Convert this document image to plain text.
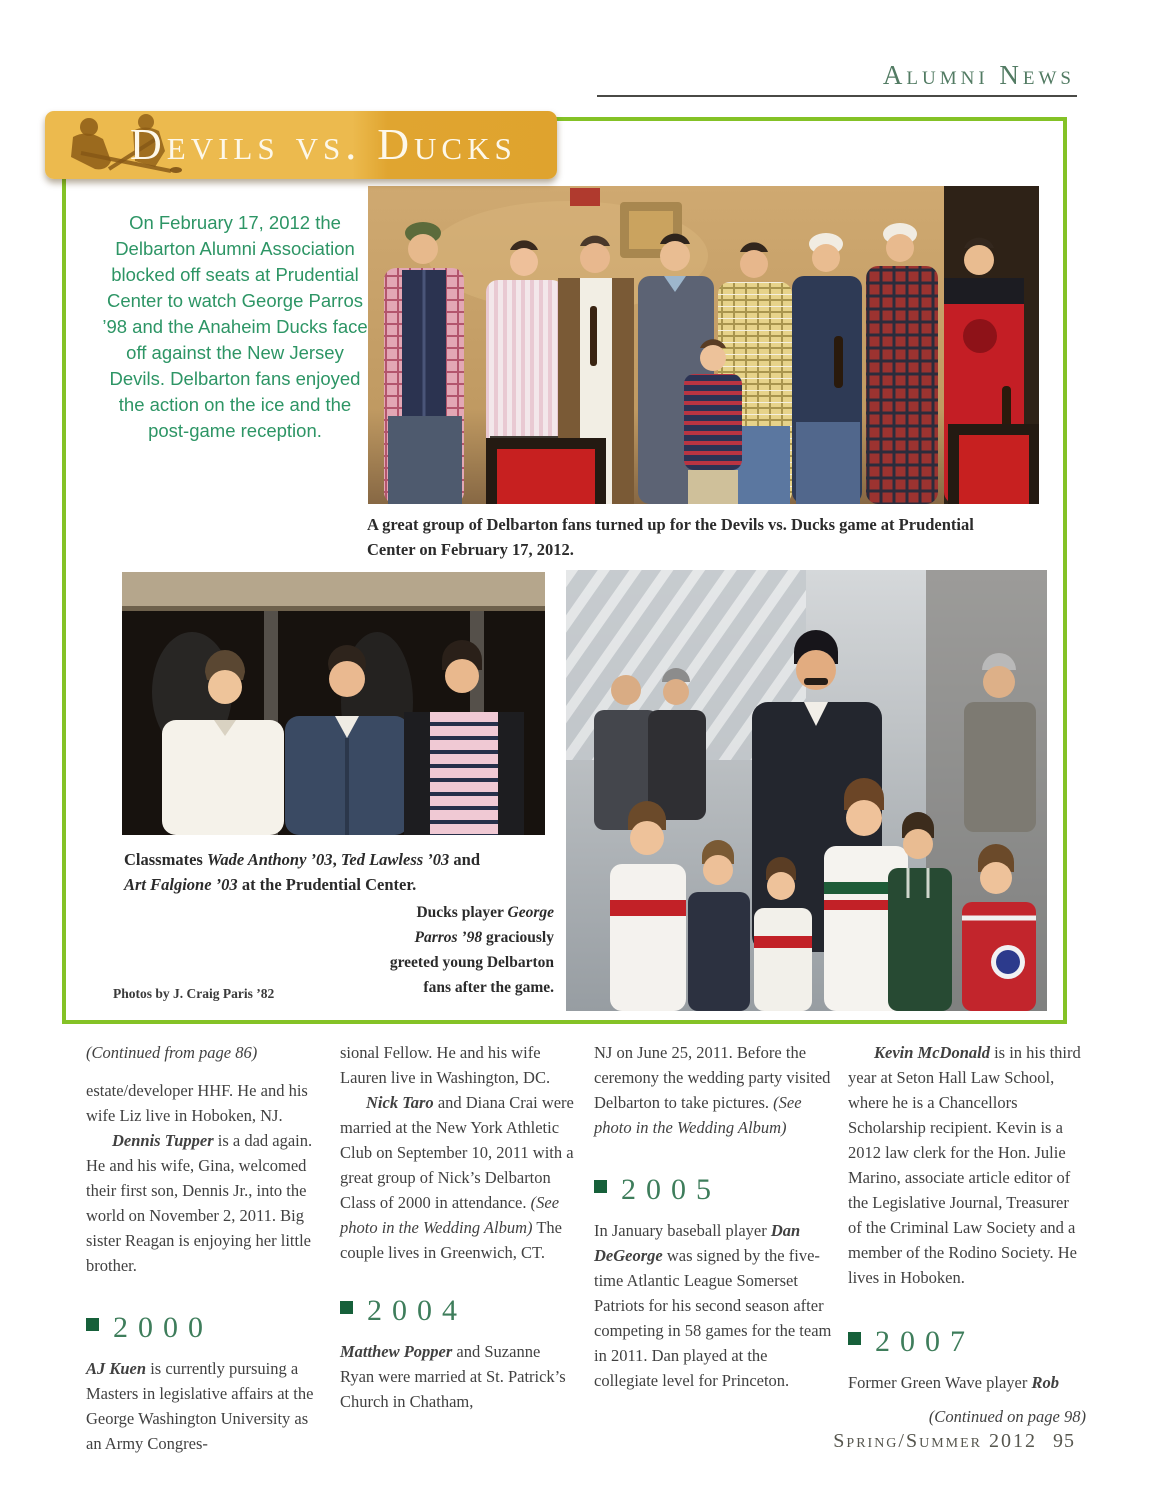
Alumni News
Devils vs. Ducks
On February 17, 2012 the Delbarton Alumni Association blocked off seats at Prudential Center to watch George Parros ’98 and the Anaheim Ducks face off against the New Jersey Devils. Delbarton fans enjoyed the action on the ice and the post-game reception.
A great group of Delbarton fans turned up for the Devils vs. Ducks game at Prudential Center on February 17, 2012.
Classmates Wade Anthony ’03, Ted Lawless ’03 and Art Falgione ’03 at the Prudential Center.
Ducks player George Parros ’98 graciously greeted young Delbarton fans after the game.
Photos by J. Craig Paris ’82

(Continued from page 86)

estate/developer HHF. He and his wife Liz live in Hoboken, NJ.

Dennis Tupper is a dad again. He and his wife, Gina, welcomed their first son, Dennis Jr., into the world on November 2, 2011. Big sister Reagan is enjoying her little brother.

2000

AJ Kuen is currently pursuing a Masters in legislative affairs at the George Washington University as an Army Congres-

sional Fellow. He and his wife Lauren live in Washington, DC.

Nick Taro and Diana Crai were married at the New York Athletic Club on September 10, 2011 with a great group of Nick’s Delbarton Class of 2000 in attendance. (See photo in the Wedding Album) The couple lives in Greenwich, CT.

2004

Matthew Popper and Suzanne Ryan were married at St. Patrick’s Church in Chatham,

NJ on June 25, 2011. Before the ceremony the wedding party visited Delbarton to take pictures. (See photo in the Wedding Album)

2005

In January baseball player Dan DeGeorge was signed by the five-time Atlantic League Somerset Patriots for his second season after competing in 58 games for the team in 2011. Dan played at the collegiate level for Princeton.

Kevin McDonald is in his third year at Seton Hall Law School, where he is a Chancellors Scholarship recipient. Kevin is a 2012 law clerk for the Hon. Julie Marino, associate article editor of the Legislative Journal, Treasurer of the Criminal Law Society and a member of the Rodino Society. He lives in Hoboken.

2007

Former Green Wave player Rob

(Continued on page 98)

Spring/Summer 2012 95
